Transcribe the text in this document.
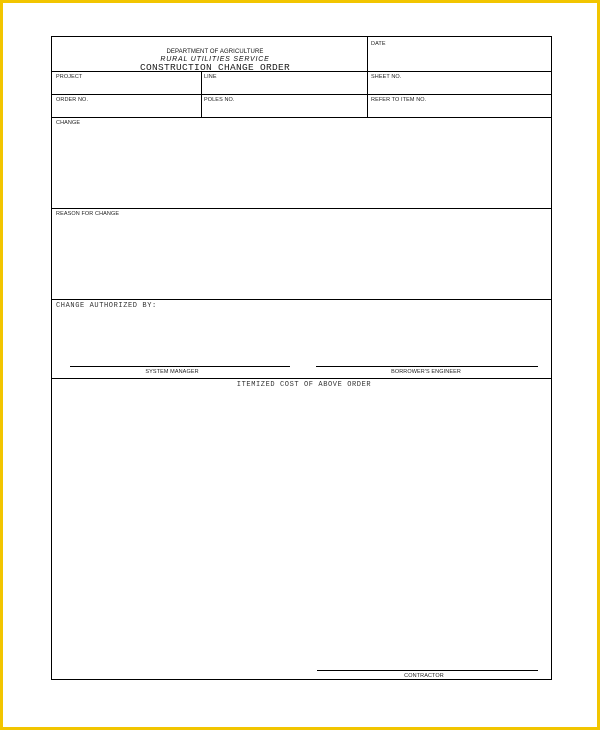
DEPARTMENT OF AGRICULTURE
RURAL UTILITIES SERVICE
CONSTRUCTION CHANGE ORDER
DATE
PROJECT	LINE	SHEET NO.
ORDER NO.	POLES NO.	REFER TO ITEM NO.
CHANGE
REASON FOR CHANGE
CHANGE AUTHORIZED BY:
SYSTEM MANAGER	BORROWER'S ENGINEER
ITEMIZED COST OF ABOVE ORDER
CONTRACTOR
